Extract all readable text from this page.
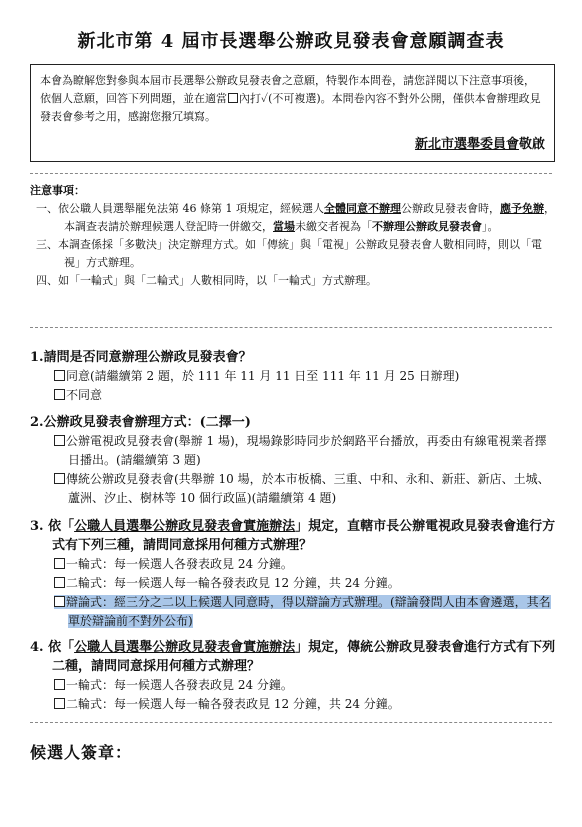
新北市第 4 屆市長選舉公辦政見發表會意願調查表
本會為瞭解您對參與本屆市長選舉公辦政見發表會之意願，特製作本問卷，請您詳閱以下注意事項後，依個人意願，回答下列問題，並在適當 內打✓(不可複選)。本問卷內容不對外公開，僅供本會辦理政見發表會參考之用，感謝您撥冗填寫。
新北市選舉委員會敬啟
注意事項：
一、依公職人員選舉罷免法第 46 條第 1 項規定，經候選人全體同意不辦理公辦政見發表會時，應予免辦，本調查表請於辦理候選人登記時一併繳交，當場未繳交者視為「不辦理公辦政見發表會」。
三、本調查係採「多數決」決定辦理方式。如「傳統」與「電視」公辦政見發表會人數相同時，則以「電視」方式辦理。
四、如「一輪式」與「二輪式」人數相同時，以「一輪式」方式辦理。
1.請問是否同意辦理公辦政見發表會？
同意(請繼續第 2 題，於 111 年 11 月 11 日至 111 年 11 月 25 日辦理)
不同意
2.公辦政見發表會辦理方式：(二擇一)
公辦電視政見發表會(舉辦 1 場)，現場錄影時同步於網路平台播放，再委由有線電視業者擇日播出。(請繼續第 3 題)
傳統公辦政見發表會(共舉辦 10 場，於本市板橋、三重、中和、永和、新莊、新店、土城、蘆洲、汐止、樹林等 10 個行政區)(請繼續第 4 題)
3. 依「公職人員選舉公辦政見發表會實施辦法」規定，直轄市長公辦電視政見發表會進行方式有下列三種，請問同意採用何種方式辦理？
一輪式：每一候選人各發表政見 24 分鐘。
二輪式：每一候選人每一輪各發表政見 12 分鐘，共 24 分鐘。
辯論式：經三分之二以上候選人同意時，得以辯論方式辦理。(辯論發問人由本會遴選，其名單於辯論前不對外公布)
4. 依「公職人員選舉公辦政見發表會實施辦法」規定，傳統公辦政見發表會進行方式有下列二種，請問同意採用何種方式辦理？
一輪式：每一候選人各發表政見 24 分鐘。
二輪式：每一候選人每一輪各發表政見 12 分鐘，共 24 分鐘。
候選人簽章：
